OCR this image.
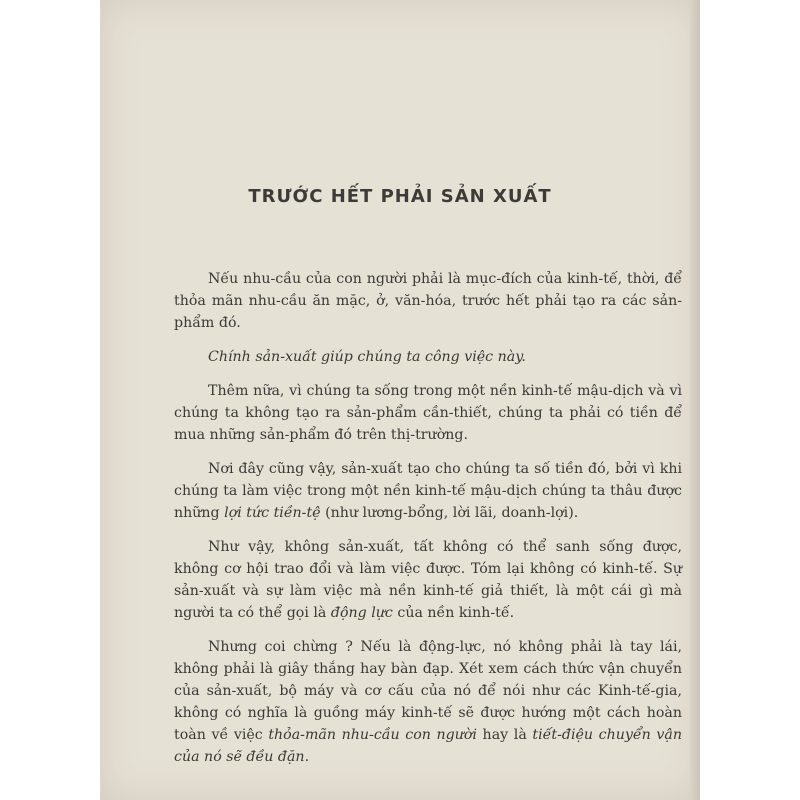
TRƯỚC HẾT PHẢI SẢN XUẤT

Nếu nhu-cầu của con người phải là mục-đích của kinh-tế, thời, để thỏa mãn nhu-cầu ăn mặc, ở, văn-hóa, trước hết phải tạo ra các sản-phẩm đó.

Chính sản-xuất giúp chúng ta công việc này.

Thêm nữa, vì chúng ta sống trong một nền kinh-tế mậu-dịch và vì chúng ta không tạo ra sản-phẩm cần-thiết, chúng ta phải có tiền để mua những sản-phẩm đó trên thị-trường.

Nơi đây cũng vậy, sản-xuất tạo cho chúng ta số tiền đó, bởi vì khi chúng ta làm việc trong một nền kinh-tế mậu-dịch chúng ta thâu được những lợi tức tiền-tệ (như lương-bổng, lời lãi, doanh-lợi).

Như vậy, không sản-xuất, tất không có thể sanh sống được, không cơ hội trao đổi và làm việc được. Tóm lại không có kinh-tế. Sự sản-xuất và sự làm việc mà nền kinh-tế giả thiết, là một cái gì mà người ta có thể gọi là động lực của nền kinh-tế.

Nhưng coi chừng ? Nếu là động-lực, nó không phải là tay lái, không phải là giây thắng hay bàn đạp. Xét xem cách thức vận chuyển của sản-xuất, bộ máy và cơ cấu của nó để nói như các Kinh-tế-gia, không có nghĩa là guồng máy kinh-tế sẽ được hướng một cách hoàn toàn về việc thỏa-mãn nhu-cầu con người hay là tiết-điệu chuyển vận của nó sẽ đều đặn.
